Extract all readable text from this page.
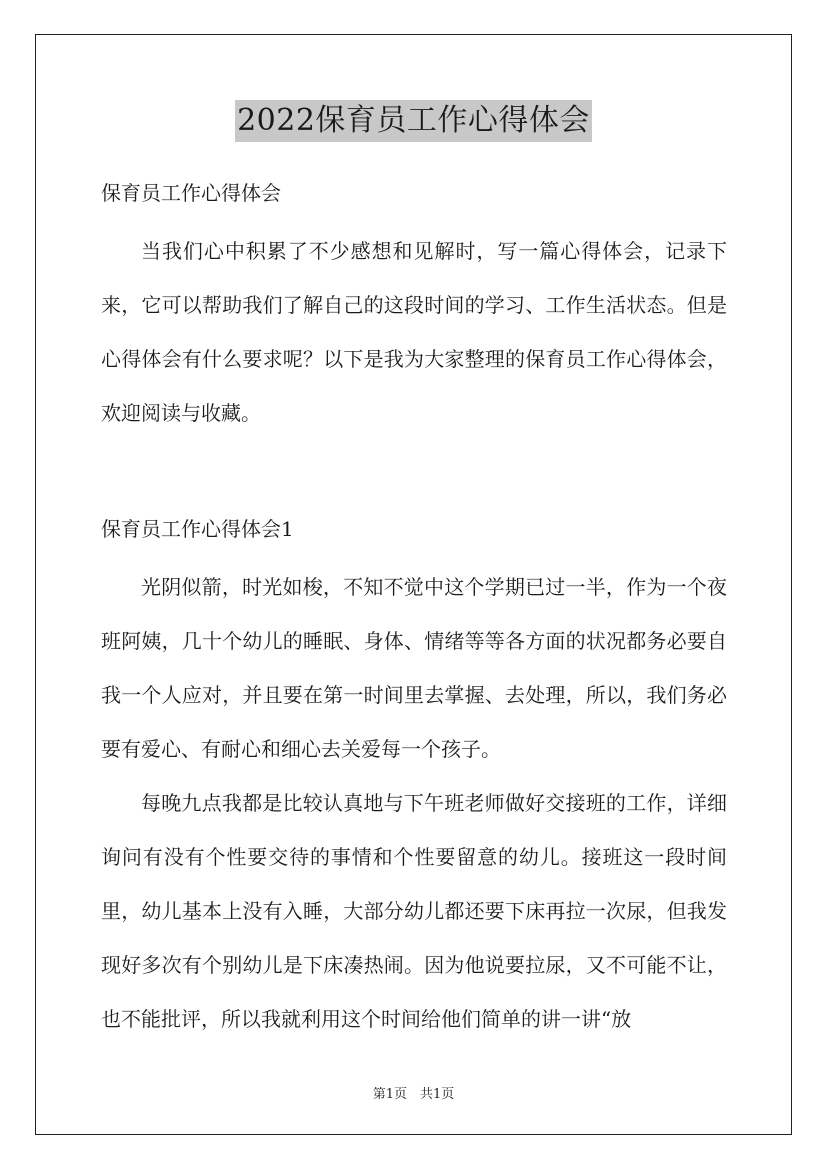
2022保育员工作心得体会

保育员工作心得体会

当我们心中积累了不少感想和见解时，写一篇心得体会，记录下来，它可以帮助我们了解自己的这段时间的学习、工作生活状态。但是心得体会有什么要求呢？以下是我为大家整理的保育员工作心得体会，欢迎阅读与收藏。

保育员工作心得体会1

光阴似箭，时光如梭，不知不觉中这个学期已过一半，作为一个夜班阿姨，几十个幼儿的睡眠、身体、情绪等等各方面的状况都务必要自我一个人应对，并且要在第一时间里去掌握、去处理，所以，我们务必要有爱心、有耐心和细心去关爱每一个孩子。

每晚九点我都是比较认真地与下午班老师做好交接班的工作，详细询问有没有个性要交待的事情和个性要留意的幼儿。接班这一段时间里，幼儿基本上没有入睡，大部分幼儿都还要下床再拉一次尿，但我发现好多次有个别幼儿是下床凑热闹。因为他说要拉尿，又不可能不让，也不能批评，所以我就利用这个时间给他们简单的讲一讲“放

第1页　共1页
